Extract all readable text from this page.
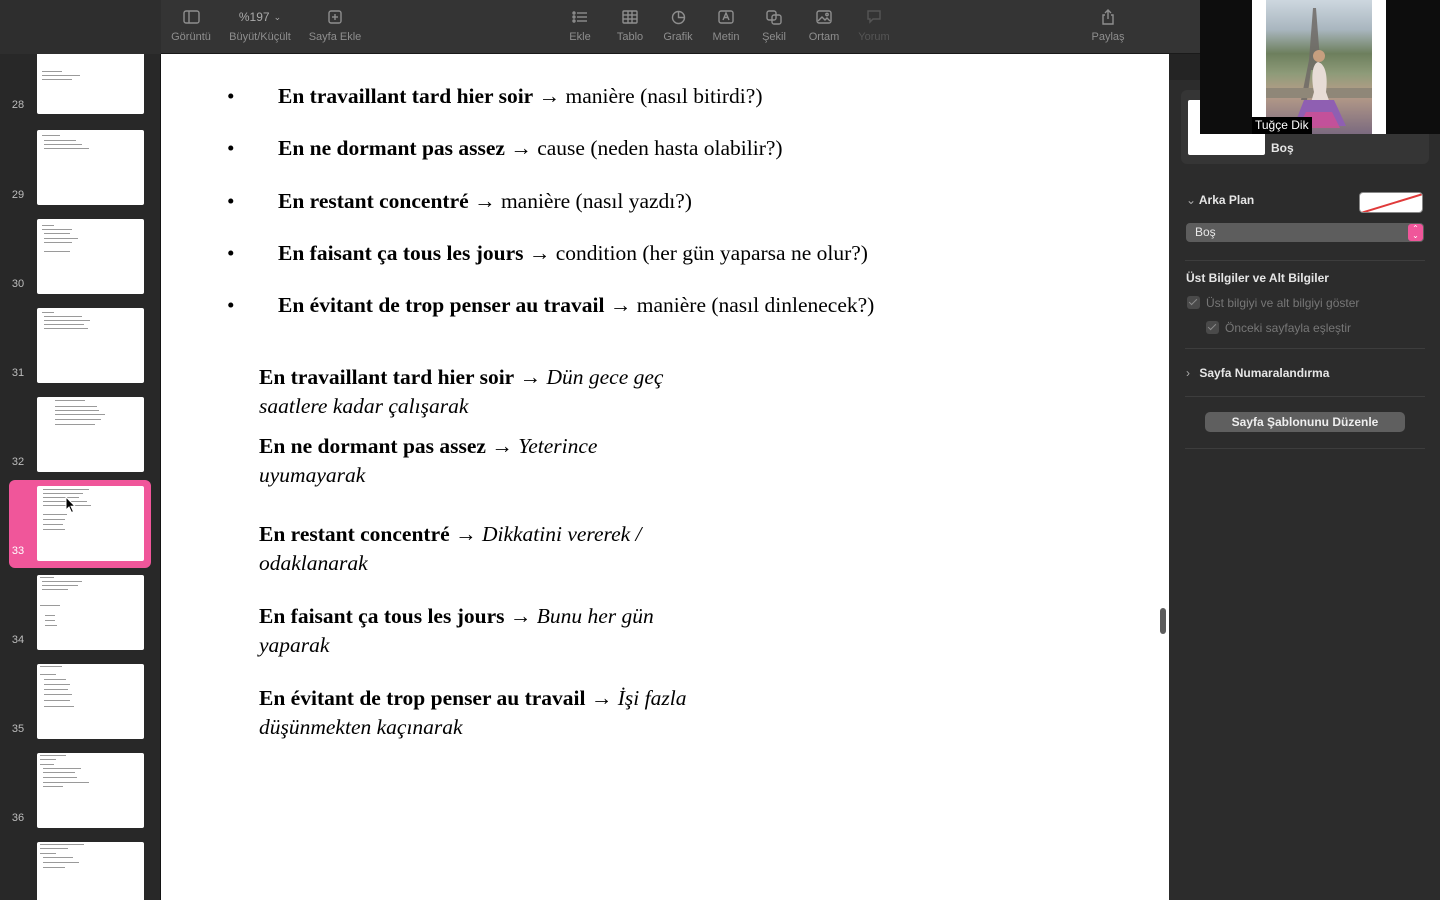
Görüntü
%197 ⌄
Büyüt/Küçült Sayfa Ekle	Ekle Tablo Grafik Metin Şekil Ortam Yorum	Paylaş
28
29
30
31
32
33
34
35
36
• En travaillant tard hier soir → manière (nasıl bitirdi?)
• En ne dormant pas assez → cause (neden hasta olabilir?)
• En restant concentré → manière (nasıl yazdı?)
• En faisant ça tous les jours → condition (her gün yaparsa ne olur?)
• En évitant de trop penser au travail → manière (nasıl dinlenecek?)
En travaillant tard hier soir → Dün gece geç
saatlere kadar çalışarak
En ne dormant pas assez → Yeterince
uyumayarak
En restant concentré → Dikkatini vererek /
odaklanarak
En faisant ça tous les jours → Bunu her gün
yaparak
En évitant de trop penser au travail → İşi fazla
düşünmekten kaçınarak
Boş
⌄ Arka Plan
Boş	⌃
⌄
Üst Bilgiler ve Alt Bilgiler
Üst bilgiyi ve alt bilgiyi göster
Önceki sayfayla eşleştir
› Sayfa Numaralandırma
Sayfa Şablonunu Düzenle
Tuğçe Dik
